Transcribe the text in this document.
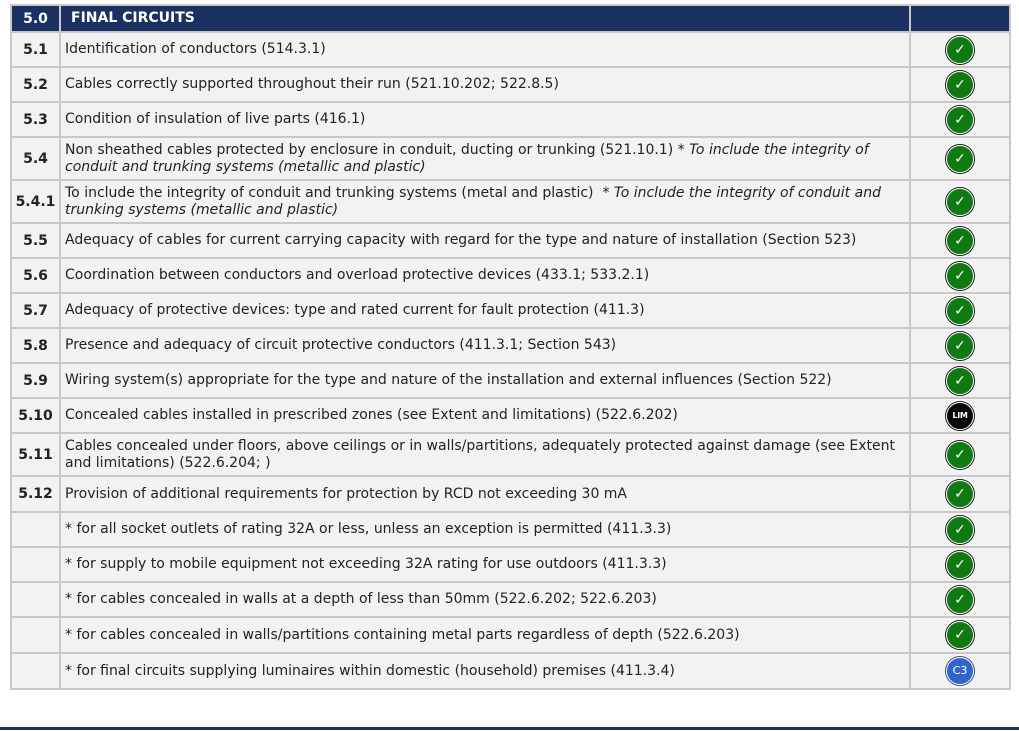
5.0	FINAL CIRCUITS	
5.1	Identification of conductors (514.3.1)	✓
5.2	Cables correctly supported throughout their run (521.10.202; 522.8.5)	✓
5.3	Condition of insulation of live parts (416.1)	✓
5.4	Non sheathed cables protected by enclosure in conduit, ducting or trunking (521.10.1) * To include the integrity of conduit and trunking systems (metallic and plastic)	✓
5.4.1	To include the integrity of conduit and trunking systems (metal and plastic) * To include the integrity of conduit and trunking systems (metallic and plastic)	✓
5.5	Adequacy of cables for current carrying capacity with regard for the type and nature of installation (Section 523)	✓
5.6	Coordination between conductors and overload protective devices (433.1; 533.2.1)	✓
5.7	Adequacy of protective devices: type and rated current for fault protection (411.3)	✓
5.8	Presence and adequacy of circuit protective conductors (411.3.1; Section 543)	✓
5.9	Wiring system(s) appropriate for the type and nature of the installation and external influences (Section 522)	✓
5.10	Concealed cables installed in prescribed zones (see Extent and limitations) (522.6.202)	LIM
5.11	Cables concealed under floors, above ceilings or in walls/partitions, adequately protected against damage (see Extent and limitations) (522.6.204; )	✓
5.12	Provision of additional requirements for protection by RCD not exceeding 30 mA	✓
	* for all socket outlets of rating 32A or less, unless an exception is permitted (411.3.3)	✓
	* for supply to mobile equipment not exceeding 32A rating for use outdoors (411.3.3)	✓
	* for cables concealed in walls at a depth of less than 50mm (522.6.202; 522.6.203)	✓
	* for cables concealed in walls/partitions containing metal parts regardless of depth (522.6.203)	✓
	* for final circuits supplying luminaires within domestic (household) premises (411.3.4)	C3
